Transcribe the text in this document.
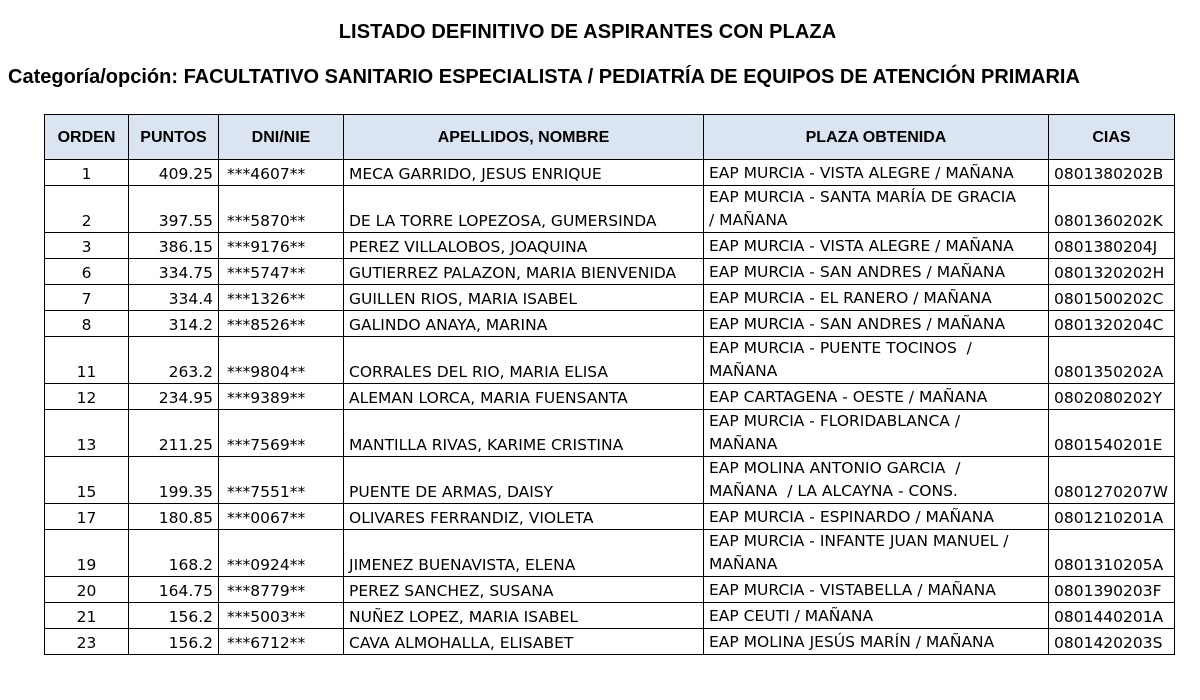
LISTADO DEFINITIVO DE ASPIRANTES CON PLAZA
Categoría/opción: FACULTATIVO SANITARIO ESPECIALISTA / PEDIATRÍA DE EQUIPOS DE ATENCIÓN PRIMARIA
ORDEN	PUNTOS	DNI/NIE	APELLIDOS, NOMBRE	PLAZA OBTENIDA	CIAS
1	409.25	***4607**	MECA GARRIDO, JESUS ENRIQUE	EAP MURCIA - VISTA ALEGRE / MAÑANA	0801380202B
2	397.55	***5870**	DE LA TORRE LOPEZOSA, GUMERSINDA	EAP MURCIA - SANTA MARÍA DE GRACIA
/ MAÑANA	0801360202K
3	386.15	***9176**	PEREZ VILLALOBOS, JOAQUINA	EAP MURCIA - VISTA ALEGRE / MAÑANA	0801380204J
6	334.75	***5747**	GUTIERREZ PALAZON, MARIA BIENVENIDA	EAP MURCIA - SAN ANDRES / MAÑANA	0801320202H
7	334.4	***1326**	GUILLEN RIOS, MARIA ISABEL	EAP MURCIA - EL RANERO / MAÑANA	0801500202C
8	314.2	***8526**	GALINDO ANAYA, MARINA	EAP MURCIA - SAN ANDRES / MAÑANA	0801320204C
11	263.2	***9804**	CORRALES DEL RIO, MARIA ELISA	EAP MURCIA - PUENTE TOCINOS  /
MAÑANA	0801350202A
12	234.95	***9389**	ALEMAN LORCA, MARIA FUENSANTA	EAP CARTAGENA - OESTE / MAÑANA	0802080202Y
13	211.25	***7569**	MANTILLA RIVAS, KARIME CRISTINA	EAP MURCIA - FLORIDABLANCA /
MAÑANA	0801540201E
15	199.35	***7551**	PUENTE DE ARMAS, DAISY	EAP MOLINA ANTONIO GARCIA  /
MAÑANA  / LA ALCAYNA - CONS.	0801270207W
17	180.85	***0067**	OLIVARES FERRANDIZ, VIOLETA	EAP MURCIA - ESPINARDO / MAÑANA	0801210201A
19	168.2	***0924**	JIMENEZ BUENAVISTA, ELENA	EAP MURCIA - INFANTE JUAN MANUEL /
MAÑANA	0801310205A
20	164.75	***8779**	PEREZ SANCHEZ, SUSANA	EAP MURCIA - VISTABELLA / MAÑANA	0801390203F
21	156.2	***5003**	NUÑEZ LOPEZ, MARIA ISABEL	EAP CEUTI / MAÑANA	0801440201A
23	156.2	***6712**	CAVA ALMOHALLA, ELISABET	EAP MOLINA JESÚS MARÍN / MAÑANA	0801420203S
